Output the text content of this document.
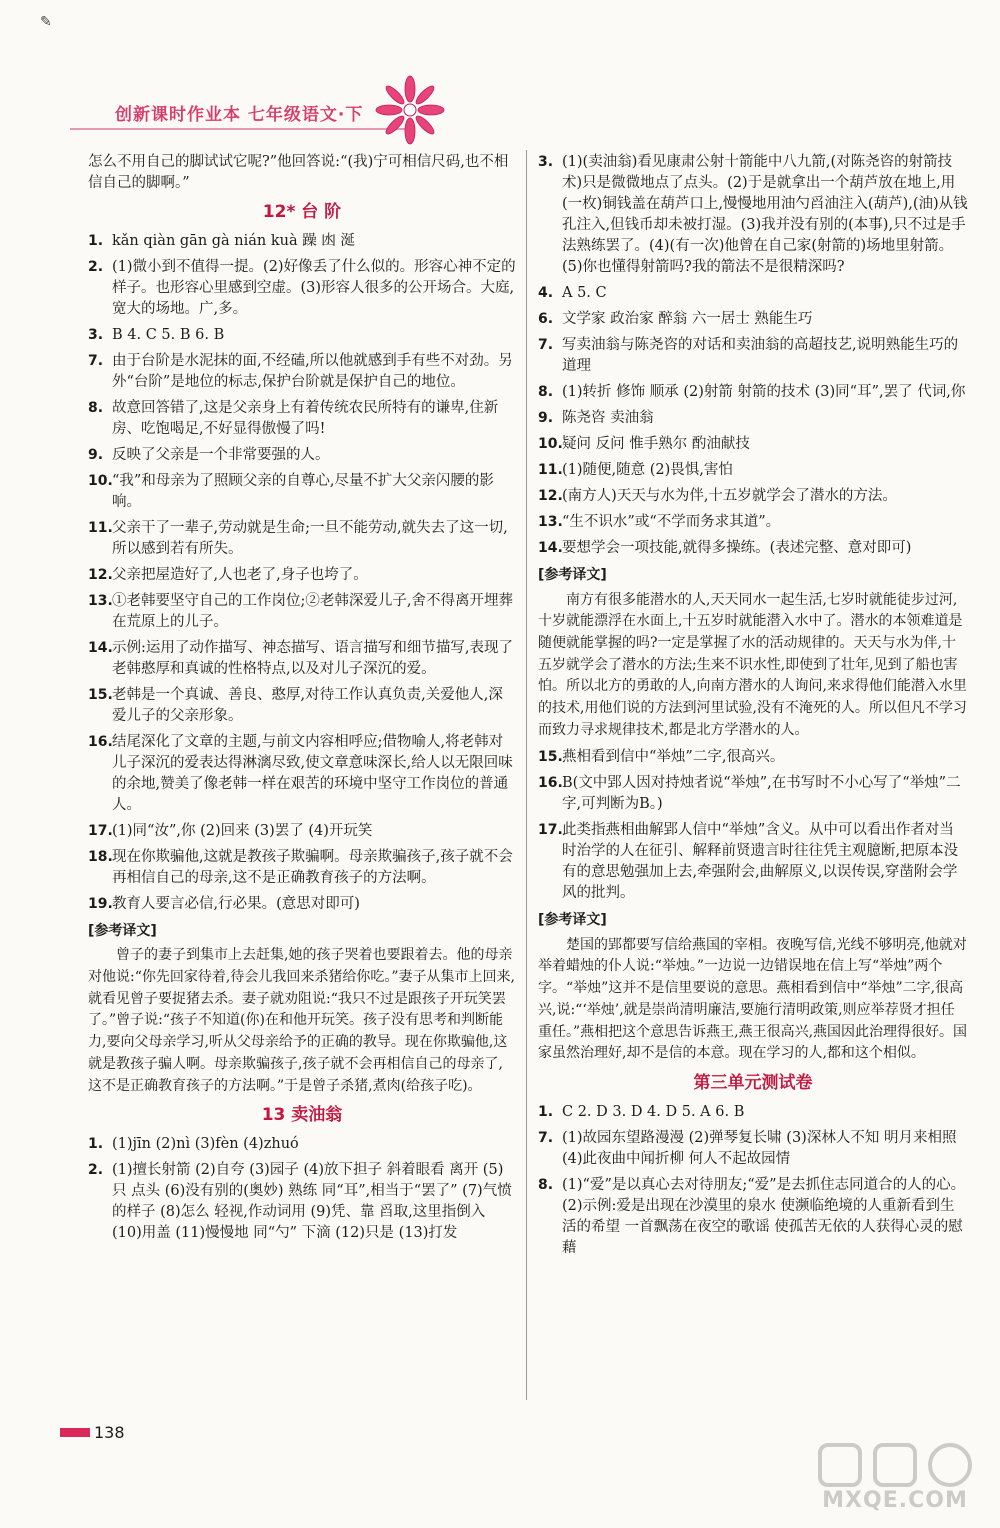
✎
创新课时作业本 七年级语文·下

怎么不用自己的脚试试它呢?”他回答说:“(我)宁可相信尺码,也不相信自己的脚啊。”

12* 台 阶
1. kǎn qiàn gān gà nián kuà 躁 凼 涎
2. (1)微小到不值得一提。(2)好像丢了什么似的。形容心神不定的样子。也形容心里感到空虚。(3)形容人很多的公开场合。大庭,宽大的场地。广,多。
3. B 4. C 5. B 6. B
7. 由于台阶是水泥抹的面,不经磕,所以他就感到手有些不对劲。另外“台阶”是地位的标志,保护台阶就是保护自己的地位。
8. 故意回答错了,这是父亲身上有着传统农民所特有的谦卑,住新房、吃饱喝足,不好显得傲慢了吗!
9. 反映了父亲是一个非常要强的人。
10. “我”和母亲为了照顾父亲的自尊心,尽量不扩大父亲闪腰的影响。
11. 父亲干了一辈子,劳动就是生命;一旦不能劳动,就失去了这一切,所以感到若有所失。
12. 父亲把屋造好了,人也老了,身子也垮了。
13. ①老韩要坚守自己的工作岗位;②老韩深爱儿子,舍不得离开埋葬在荒原上的儿子。
14. 示例:运用了动作描写、神态描写、语言描写和细节描写,表现了老韩憨厚和真诚的性格特点,以及对儿子深沉的爱。
15. 老韩是一个真诚、善良、憨厚,对待工作认真负责,关爱他人,深爱儿子的父亲形象。
16. 结尾深化了文章的主题,与前文内容相呼应;借物喻人,将老韩对儿子深沉的爱表达得淋漓尽致,使文章意味深长,给人以无限回味的余地,赞美了像老韩一样在艰苦的环境中坚守工作岗位的普通人。
17. (1)同“汝”,你 (2)回来 (3)罢了 (4)开玩笑
18. 现在你欺骗他,这就是教孩子欺骗啊。母亲欺骗孩子,孩子就不会再相信自己的母亲,这不是正确教育孩子的方法啊。
19. 教育人要言必信,行必果。(意思对即可)
[参考译文]

曾子的妻子到集市上去赶集,她的孩子哭着也要跟着去。他的母亲对他说:“你先回家待着,待会儿我回来杀猪给你吃。”妻子从集市上回来,就看见曾子要捉猪去杀。妻子就劝阻说:“我只不过是跟孩子开玩笑罢了。”曾子说:“孩子不知道(你)在和他开玩笑。孩子没有思考和判断能力,要向父母亲学习,听从父母亲给予的正确的教导。现在你欺骗他,这就是教孩子骗人啊。母亲欺骗孩子,孩子就不会再相信自己的母亲了,这不是正确教育孩子的方法啊。”于是曾子杀猪,煮肉(给孩子吃)。

13 卖油翁
1. (1)jīn (2)nì (3)fèn (4)zhuó
2. (1)擅长射箭 (2)自夸 (3)园子 (4)放下担子 斜着眼看 离开 (5)只 点头 (6)没有别的(奥妙) 熟练 同“耳”,相当于“罢了” (7)气愤的样子 (8)怎么 轻视,作动词用 (9)凭、靠 舀取,这里指倒入 (10)用盖 (11)慢慢地 同“勺” 下滴 (12)只是 (13)打发
3. (1)(卖油翁)看见康肃公射十箭能中八九箭,(对陈尧咨的射箭技术)只是微微地点了点头。(2)于是就拿出一个葫芦放在地上,用(一枚)铜钱盖在葫芦口上,慢慢地用油勺舀油注入(葫芦),(油)从钱孔注入,但钱币却未被打湿。(3)我并没有别的(本事),只不过是手法熟练罢了。(4)(有一次)他曾在自己家(射箭的)场地里射箭。(5)你也懂得射箭吗?我的箭法不是很精深吗?
4. A 5. C
6. 文学家 政治家 醉翁 六一居士 熟能生巧
7. 写卖油翁与陈尧咨的对话和卖油翁的高超技艺,说明熟能生巧的道理
8. (1)转折 修饰 顺承 (2)射箭 射箭的技术 (3)同“耳”,罢了 代词,你
9. 陈尧咨 卖油翁
10. 疑问 反问 惟手熟尔 酌油献技
11. (1)随便,随意 (2)畏惧,害怕
12. (南方人)天天与水为伴,十五岁就学会了潜水的方法。
13. “生不识水”或“不学而务求其道”。
14. 要想学会一项技能,就得多操练。(表述完整、意对即可)
[参考译文]

南方有很多能潜水的人,天天同水一起生活,七岁时就能徒步过河,十岁就能漂浮在水面上,十五岁时就能潜入水中了。潜水的本领难道是随便就能掌握的吗?一定是掌握了水的活动规律的。天天与水为伴,十五岁就学会了潜水的方法;生来不识水性,即使到了壮年,见到了船也害怕。所以北方的勇敢的人,向南方潜水的人询问,来求得他们能潜入水里的技术,用他们说的方法到河里试验,没有不淹死的人。所以但凡不学习而致力寻求规律技术,都是北方学潜水的人。

15. 燕相看到信中“举烛”二字,很高兴。
16. B(文中郢人因对持烛者说“举烛”,在书写时不小心写了“举烛”二字,可判断为B。)
17. 此类指燕相曲解郢人信中“举烛”含义。从中可以看出作者对当时治学的人在征引、解释前贤遗言时往往凭主观臆断,把原本没有的意思勉强加上去,牵强附会,曲解原义,以误传误,穿凿附会学风的批判。
[参考译文]

楚国的郢都要写信给燕国的宰相。夜晚写信,光线不够明亮,他就对举着蜡烛的仆人说:“举烛。”一边说一边错误地在信上写“举烛”两个字。“举烛”这并不是信里要说的意思。燕相看到信中“举烛”二字,很高兴,说:“‘举烛’,就是崇尚清明廉洁,要施行清明政策,则应举荐贤才担任重任。”燕相把这个意思告诉燕王,燕王很高兴,燕国因此治理得很好。国家虽然治理好,却不是信的本意。现在学习的人,都和这个相似。

第三单元测试卷
1. C 2. D 3. D 4. D 5. A 6. B
7. (1)故园东望路漫漫 (2)弹琴复长啸 (3)深林人不知 明月来相照 (4)此夜曲中闻折柳 何人不起故园情
8. (1)“爱”是以真心去对待朋友;“爱”是去抓住志同道合的人的心。(2)示例:爱是出现在沙漠里的泉水 使濒临绝境的人重新看到生活的希望 一首飘荡在夜空的歌谣 使孤苦无依的人获得心灵的慰藉
138
MXQE.COM
